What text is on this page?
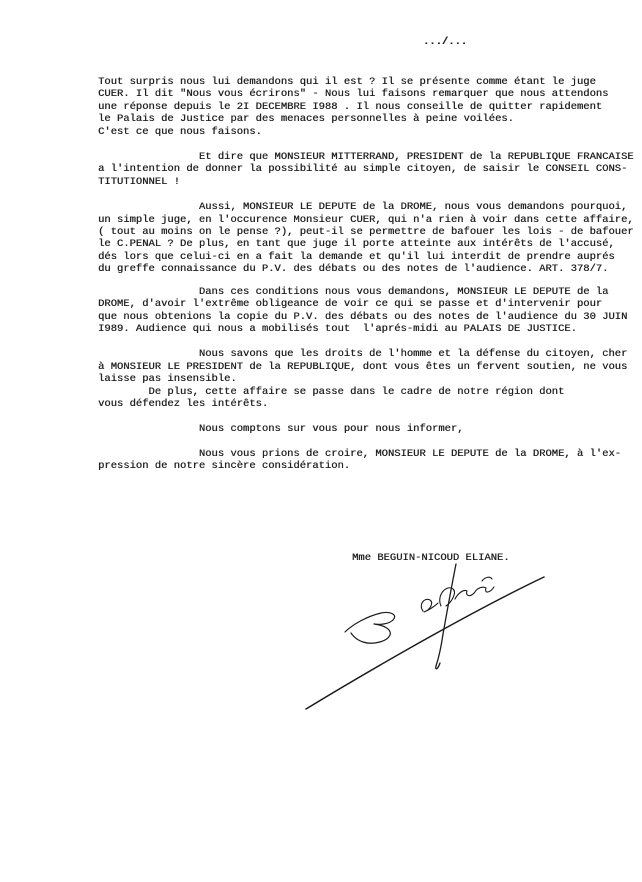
.../...
Tout surpris nous lui demandons qui il est ? Il se présente comme étant le juge
CUER. Il dit "Nous vous écrirons" - Nous lui faisons remarquer que nous attendons
une réponse depuis le 2I DECEMBRE I988 . Il nous conseille de quitter rapidement
le Palais de Justice par des menaces personnelles à peine voilées.
C'est ce que nous faisons.
Et dire que MONSIEUR MITTERRAND, PRESIDENT de la REPUBLIQUE FRANCAISE
a l'intention de donner la possibilité au simple citoyen, de saisir le CONSEIL CONS-
TITUTIONNEL !
Aussi, MONSIEUR LE DEPUTE de la DROME, nous vous demandons pourquoi,
un simple juge, en l'occurence Monsieur CUER, qui n'a rien à voir dans cette affaire,
( tout au moins on le pense ?), peut-il se permettre de bafouer les lois - de bafouer
le C.PENAL ? De plus, en tant que juge il porte atteinte aux intérêts de l'accusé,
dés lors que celui-ci en a fait la demande et qu'il lui interdit de prendre auprés
du greffe connaissance du P.V. des débats ou des notes de l'audience. ART. 378/7.
Dans ces conditions nous vous demandons, MONSIEUR LE DEPUTE de la
DROME, d'avoir l'extrême obligeance de voir ce qui se passe et d'intervenir pour
que nous obtenions la copie du P.V. des débats ou des notes de l'audience du 30 JUIN
I989. Audience qui nous a mobilisés tout  l'aprés-midi au PALAIS DE JUSTICE.
Nous savons que les droits de l'homme et la défense du citoyen, cher
à MONSIEUR LE PRESIDENT de la REPUBLIQUE, dont vous êtes un fervent soutien, ne vous
laisse pas insensible.
De plus, cette affaire se passe dans le cadre de notre région dont
vous défendez les intérêts.
Nous comptons sur vous pour nous informer,
Nous vous prions de croire, MONSIEUR LE DEPUTE de la DROME, à l'ex-
pression de notre sincère considération.
Mme BEGUIN-NICOUD ELIANE.
